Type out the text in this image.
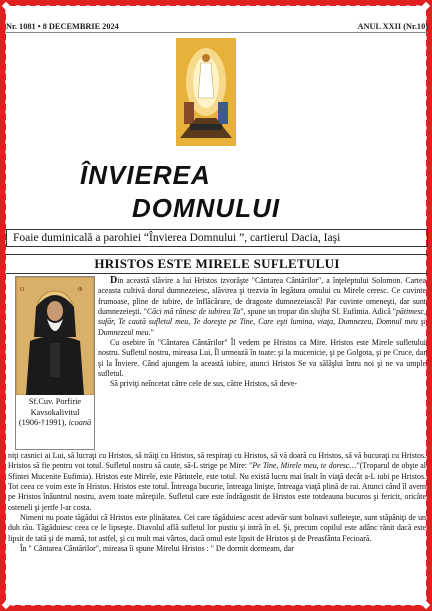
Nr. 1081 • 8 DECEMBRIE 2024	ANUL XXII (Nr.10)
ÎNVIEREA
DOMNULUI
Foaie duminicală a parohiei “Învierea Domnului ”, cartierul Dacia, Iaşi
HRISTOS ESTE MIRELE SUFLETULUI
O	Φ
Sf.Cuv. Porfirie
Kavsokalivitul
(1906-†1991), icoană

Din această slăvire a lui Hristos izvorăşte "Cântarea Cântărilor", a înţeleptului Solomon. Cartea aceasta cultivă dorul dumnezeiesc, slăvirea şi trezvia în legătura omului cu Mirele ceresc. Ce cuvinte frumoase, pline de iubire, de înflăcărare, de dragoste dumnezeiască! Par cuvinte omeneşti, dar sunt dumnezeieşti. "Căci mă rănesc de iubirea Ta", spune un tropar din slujba Sf. Eufimia. Adică "pătimesc, sufăr, Te caută sufletul meu, Te doreşte pe Tine, Care eşti lumina, viaţa, Dumnezeu, Domnul meu şi Dumnezeul meu."

Cu osebire în "Cântarea Cântărilor" Îl vedem pe Hristos ca Mire. Hristos este Mirele sufletului nostru. Sufletul nostru, mireasa Lui, Îl urmează în toate: şi la mucenicie, şi pe Golgota, şi pe Cruce, dar şi la Înviere. Când ajungem la această iubire, atunci Hristos Se va sălăşlui întru noi şi ne va umple sufletul.

Să priviţi neîncetat către cele de sus, către Hristos, să deve-

niţi casnici ai Lui, să lucraţi cu Hristos, să trăiţi cu Hristos, să respiraţi cu Hristos, să vă doară cu Hristos, să vă bucuraţi cu Hristos. Hristos să fie pentru voi totul. Sufletul nostru să caute, să-L strige pe Mire: "Pe Tine, Mirele meu, te doresc…"(Troparul de obşte al Sfintei Mucenite Eufimia). Hristos este Mirele, este Părintele, este totul. Nu există lucru mai înalt în viaţă decât a-L iubi pe Hristos. Tot ceea ce voim este în Hristos. Hristos este totul. Întreaga bucurie, întreaga linişte, întreaga viaţă plină de rai. Atunci când îl avem pe Hristos înăuntrul nostru, avem toate măreţiile. Sufletul care este îndrăgostit de Hristos este totdeauna bucuros şi fericit, oricâte osteneli şi jertfe l-ar costa.

Nimeni nu poate tăgădui că Hristos este plinătatea. Cei care tăgăduiesc acest adevăr sunt bolnavi sufleteşte, sunt stăpâniţi de un duh rău. Tăgăduiesc ceea ce le lipseşte. Diavolul află sufletul lor pustiu şi intră în el. Şi, precum copilul este adânc rănit dacă este lipsit de tată şi de mamă, tot astfel, şi cu mult mai vârtos, dacă omul este lipsit de Hristos şi de Preasfânta Fecioară.

În " Cântarea Cântărilor", mireasa îi spune Mirelui Hristos : " De dormit dormeam, dar
